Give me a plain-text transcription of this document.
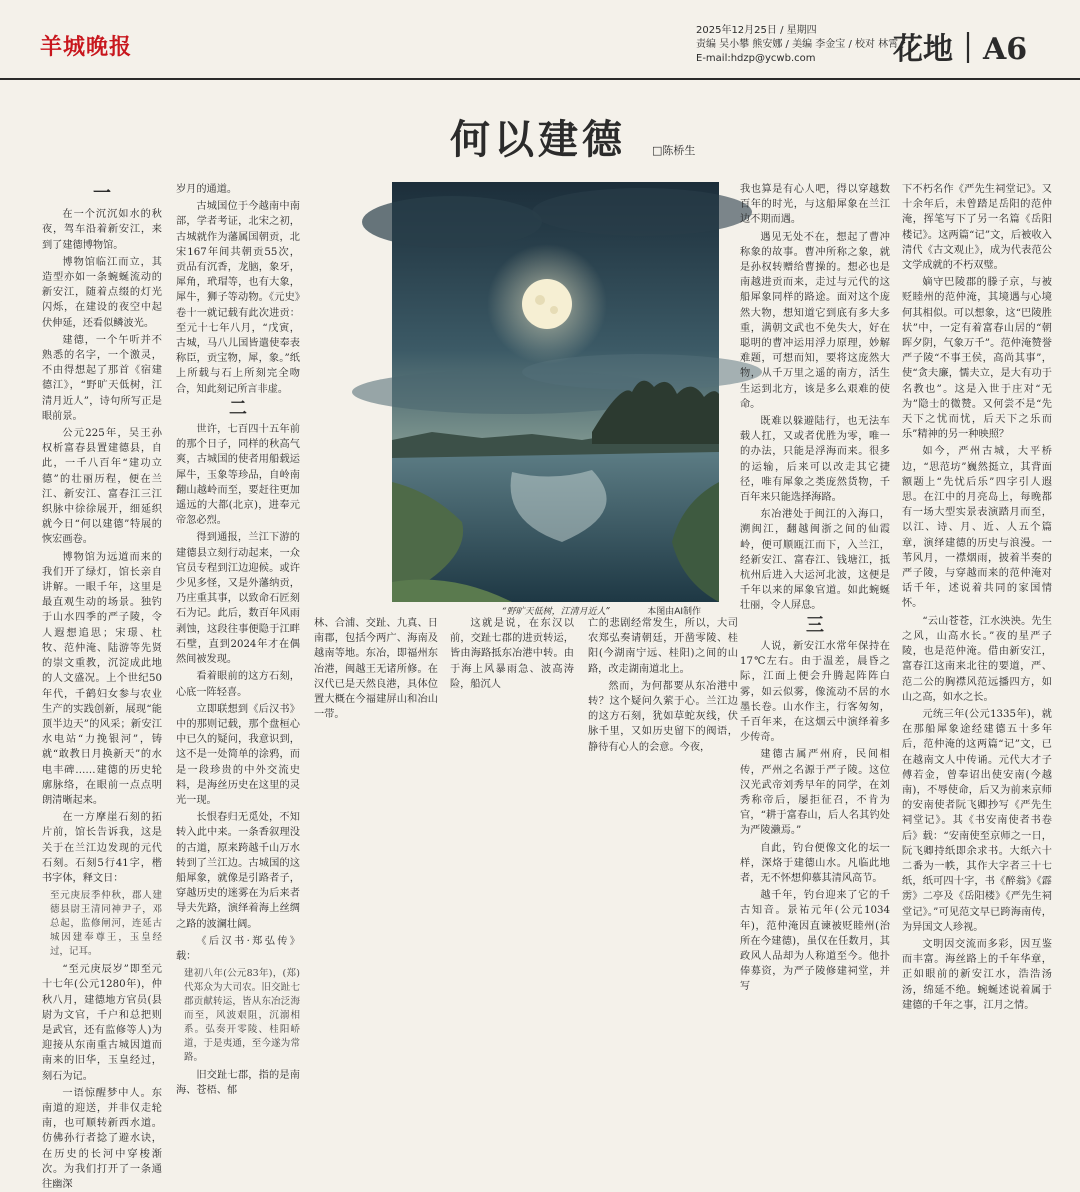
羊城晚报
2025年12月25日 / 星期四
责编 吴小攀 熊安娜 / 美编 李金宝 / 校对 林霄
E-mail:hdzp@ycwb.com	花地｜A6
何以建德 □陈桥生
一

在一个沉沉如水的秋夜，驾车沿着新安江，来到了建德博物馆。

博物馆临江而立，其造型亦如一条蜿蜒流动的新安江，随着点缀的灯光闪烁，在建设的夜空中起伏伸延，还看似鳞波光。

建德，一个午听并不熟悉的名字，一个激灵，不由得想起了那首《宿建德江》，“野旷天低树，江清月近人”，诗句所写正是眼前景。

公元225年，吴王孙权析富春县置建德县，自此，一千八百年“建功立德”的壮丽历程，便在兰江、新安江、富春江三江织脉中徐徐展开，细延织就今日“何以建德”特展的恢宏画卷。

博物馆为远道而来的我们开了绿灯，馆长亲自讲解。一眼千年，这里是最直观生动的场景。独钓于山水四季的严子陵，令人遐想追思；宋璟、杜牧、范仲淹、陆游等先贤的崇文重教，沉淀成此地的人文盛况。上个世纪50年代，千鹤妇女参与农业生产的实践创新，展现“能顶半边天”的风采；新安江水电站“力挽银河”，铸就“敢教日月换新天”的水电丰碑……建德的历史轮廓脉络，在眼前一点点明朗清晰起来。

在一方摩崖石刻的拓片前，馆长告诉我，这是关于在兰江边发现的元代石刻。石刻5行41字，楷书字体，释文日：

至元庚辰季仲秋，郡人建德县尉王清同神尹子，邓总起，监修闸河，连延古城因建奉尊王，玉皇经过，记耳。

“至元庚辰岁”即至元十七年(公元1280年)，仲秋八月，建德地方官员(县尉为文官，千户和总把则是武官，还有监修等人)为迎接从东南重古城因道而南来的旧华，玉皇经过，刻石为记。

一语惊醒梦中人。东南道的迎送，并非仅走轮南，也可顺转新西水道。仿佛孙行者捻了避水诀，在历史的长河中穿梭渐次。为我们打开了一条通往幽深

岁月的通道。

古城国位于今越南中南部，学者考证，北宋之初，古城就作为藩属国朝贡，北宋167年间共朝贡55次，贡品有沉香，龙脑，象牙，犀角，玳瑁等，也有大象，犀牛，狮子等动物。《元史》卷十一就记载有此次进贡：至元十七年八月，“戊寅，古城，马八儿国皆遣使奉表称臣，贡宝物，犀，象。”纸上所载与石上所刻完全吻合，知此刻记所言非虚。

二

世许，七百四十五年前的那个日子，同样的秋高气爽，古城国的使者用船载运犀牛，玉象等珍品，自岭南翻山越岭而至，要赶往更加遥远的大都(北京)，进奉元帝忽必烈。

得到通报，兰江下游的建德县立刻行动起来，一众官员专程到江边迎候。或许少见多怪，又是外藩纳贡，乃庄重其事，以致命石匠刻石为记。此后，数百年风雨剥蚀，这段往事便隐于江畔石壁，直到2024年才在偶然间被发现。

看着眼前的这方石刻，心底一阵轻喜。

立即联想到《后汉书》中的那则记载，那个盘桓心中已久的疑问，我意识到，这不是一处简单的涂鸦，而是一段珍贵的中外交流史料，是海丝历史在这里的灵光一现。

长恨春归无觅处，不知转入此中来。一条香叙理没的古道，原来跨越千山万水转到了兰江边。古城国的这船犀象，就像是引路者子，穿越历史的迷雾在为后来者导夫先路，演绎着海上丝绸之路的波澜壮阔。

《后汉书·郑弘传》载：

建初八年(公元83年)，(郑)代郑众为大司农。旧交趾七郡贡献转运，皆从东冶泛海而至，风波艰阻，沉溺相系。弘奏开零陵、桂阳峤道，于是夷通，至今遂为常路。

旧交趾七郡，指的是南海、苍梧、郁

“野旷天低树，江清月近人”	本图由AI制作

林、合浦、交趾、九真、日南郡，包括今两广、海南及越南等地。东冶，即福州东冶港，闽越王无诸所修。在汉代已是天然良港，具体位置大概在今福建屏山和冶山一带。

这就是说，在东汉以前，交趾七郡的进贡转运，皆由海路抵东冶港中转。由于海上风暴雨急、波高涛险，船沉人

亡的悲剧经常发生，所以，大司农郑弘奏请朝廷，开凿零陵、桂阳(今湖南宁远、桂阳)之间的山路，改走湖南道北上。

然而，为何都要从东冶港中转？这个疑问久萦于心。兰江边的这方石刻，犹如草蛇灰线，伏脉千里，又如历史留下的阀语，静待有心人的会意。今夜，

我也算是有心人吧，得以穿越数百年的时光，与这船犀象在兰江边不期而遇。

遇见无处不在，想起了曹冲称象的故事。曹冲所称之象，就是孙权转赠给曹操的。想必也是南越进贡而来，走过与元代的这船犀象同样的路途。面对这个庞然大物，想知道它到底有多大多重，满朝文武也不免失大，好在聪明的曹冲运用浮力原理，妙解难题，可想而知，要将这庞然大物，从千万里之遥的南方，活生生运到北方，该是多么艰难的使命。

既难以躲避陆行，也无法车载人扛，又或者优胜为零，唯一的办法，只能是浮海而来。很多的运输，后来可以改走其它捷径，唯有犀象之类庞然货物，千百年来只能选择海路。

东冶港处于闽江的入海口，溯闽江，翻越闽浙之间的仙霞岭，便可顺瓯江而下，入兰江，经新安江、富春江、钱塘江，抵杭州后进入大运河北波，这便是千年以来的犀象官道。如此蜿蜒壮丽，令人屏息。

三

人说，新安江水常年保持在17℃左右。由于温差，晨昏之际，江面上便会升腾起阵阵白雾，如云似雾，像流动不居的水墨长卷。山水作主，行客匆匆，千百年来，在这烟云中演绎着多少传奇。

建德古属严州府，民间相传，严州之名源于严子陵。这位汉光武帝刘秀早年的同学，在刘秀称帝后，屡拒征召，不肯为官，“耕于富春山，后人名其钓处为严陵濑焉。”

自此，钓台便像文化的坛一样，深烙于建德山水。凡临此地者，无不怀想仰慕其清风高节。

越千年，钓台迎来了它的千古知音。景祐元年(公元1034年)，范仲淹因直谏被贬睦州(治所在今建德)，虽仅在任数月，其政风人品却为人称道至今。他扑俸募资，为严子陵修建祠堂，并写

下不朽名作《严先生祠堂记》。又十余年后，未曾踏足岳阳的范仲淹，挥笔写下了另一名篇《岳阳楼记》。这两篇“记”文，后被收入清代《古文观止》，成为代表范公文学成就的不朽双璧。

嫡守巴陵郡的滕子京，与被贬睦州的范仲淹，其境遇与心境何其相似。可以想象，这“巴陵胜状”中，一定有着富春山居的“朝晖夕阴，气象万千”。范仲淹赞誉严子陵“不事王侯，高尚其事”，使“贪夫廉，懦夫立，是大有功于名教也”。这是入世于庄对“无为”隐士的微赞。又何尝不是“先天下之忧而忧，后天下之乐而乐”精神的另一种映照？

如今，严州古城，大平桥边，“思范坊”巍然挺立，其背面额题上“先忧后乐”四字引人遐思。在江中的月亮岛上，每晚都有一场大型实景表演踏月而至，以江、诗、月、近、人五个篇章，演绎建德的历史与浪漫。一苇风月，一襟烟雨，披着半奏的严子陵，与穿越而来的范仲淹对话千年，述说着共同的家国情怀。

“云山苍苍，江水泱泱。先生之风，山高水长。”夜的星严子陵，也是范仲淹。借由新安江，富春江这南来北往的要道，严、范二公的胸襟风范远播四方，如山之高，如水之长。

元统三年(公元1335年)，就在那船犀象途经建德五十多年后，范仲淹的这两篇“记”文，已在越南文人中传诵。元代大才子傅若金，曾奉诏出使安南(今越南)，不辱使命，后又为前来京师的安南使者阮飞卿抄写《严先生祠堂记》。其《书安南使者书卷后》载：“安南使至京师之一日，阮飞卿持纸即余求书。大纸六十二番为一帙，其作大字者三十七纸，纸可四十字，书《醉翁》《霹雳》二亭及《岳阳楼》《严先生祠堂记》。”可见范文早已跨海南传，为异国文人珍视。

文明因交流而多彩，因互鉴而丰富。海丝路上的千年华章，正如眼前的新安江水，浩浩汤汤，绵延不绝。蜿蜒述说着属于建德的千年之事，江月之情。
